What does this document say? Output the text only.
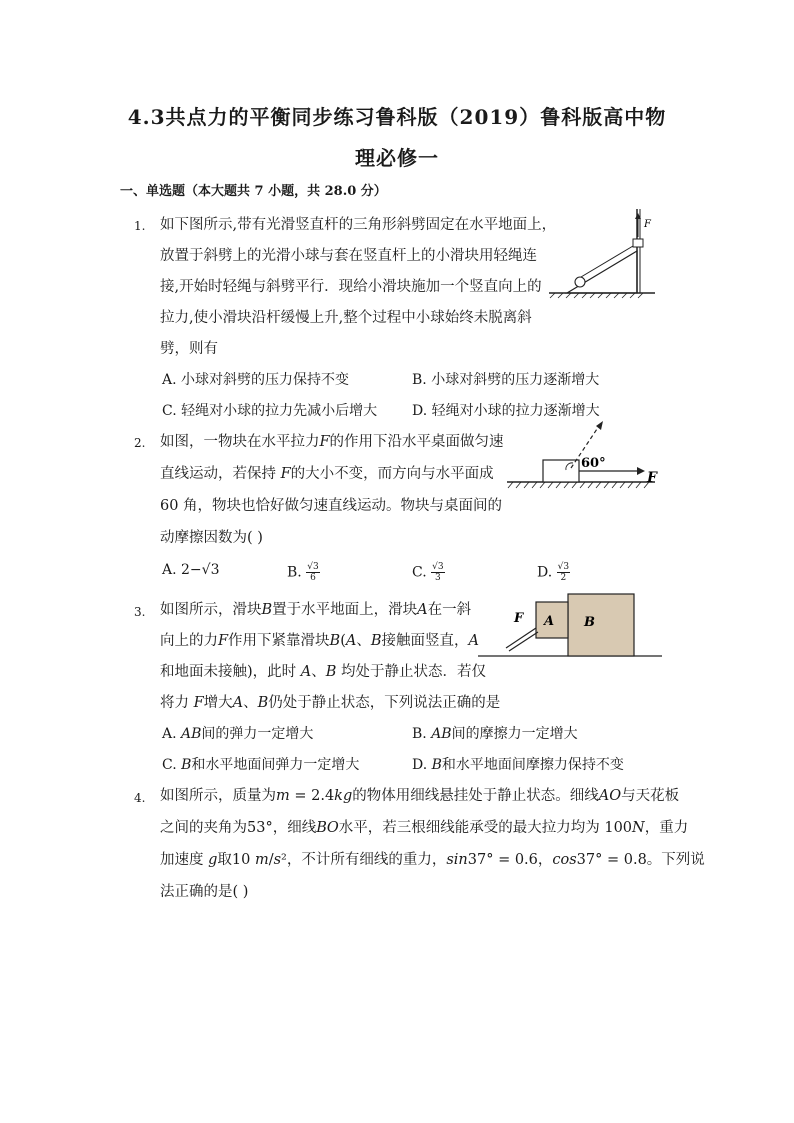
4.3共点力的平衡同步练习鲁科版（2019）鲁科版高中物
理必修一
一、单选题（本大题共 7 小题，共 28.0 分）
1. 如下图所示,带有光滑竖直杆的三角形斜劈固定在水平地面上，
放置于斜劈上的光滑小球与套在竖直杆上的小滑块用轻绳连
接,开始时轻绳与斜劈平行．现给小滑块施加一个竖直向上的
拉力,使小滑块沿杆缓慢上升,整个过程中小球始终未脱离斜
劈，则有
A. 小球对斜劈的压力保持不变	B. 小球对斜劈的压力逐渐增大
C. 轻绳对小球的拉力先减小后增大 D. 轻绳对小球的拉力逐渐增大
F
2. 如图，一物块在水平拉力𝐹的作用下沿水平桌面做匀速
直线运动，若保持 𝐹的大小不变，而方向与水平面成
60 角，物块也恰好做匀速直线运动。物块与桌面间的
动摩擦因数为( )
A. 2−√3	B. $\frac{√3}{6}$	C. $\frac{√3}{3}$	D. $\frac{√3}{2}$
60°
F
3. 如图所示，滑块𝐵置于水平地面上，滑块𝐴在一斜
向上的力𝐹作用下紧靠滑块𝐵(𝐴、𝐵接触面竖直，𝐴
和地面未接触)，此时 𝐴、𝐵 均处于静止状态．若仅
将力 𝐹增大𝐴、𝐵仍处于静止状态，下列说法正确的是
A. 𝐴𝐵间的弹力一定增大	B. 𝐴𝐵间的摩擦力一定增大
C. 𝐵和水平地面间弹力一定增大	D. 𝐵和水平地面间摩擦力保持不变
F A B
4. 如图所示，质量为𝑚 = 2.4𝑘𝑔的物体用细线悬挂处于静止状态。细线𝐴𝑂与天花板
之间的夹角为53°，细线𝐵𝑂水平，若三根细线能承受的最大拉力均为 100𝑁，重力
加速度 𝑔取10 𝑚/𝑠²，不计所有细线的重力，𝑠𝑖𝑛37° = 0.6，𝑐𝑜𝑠37° = 0.8。下列说
法正确的是( )
